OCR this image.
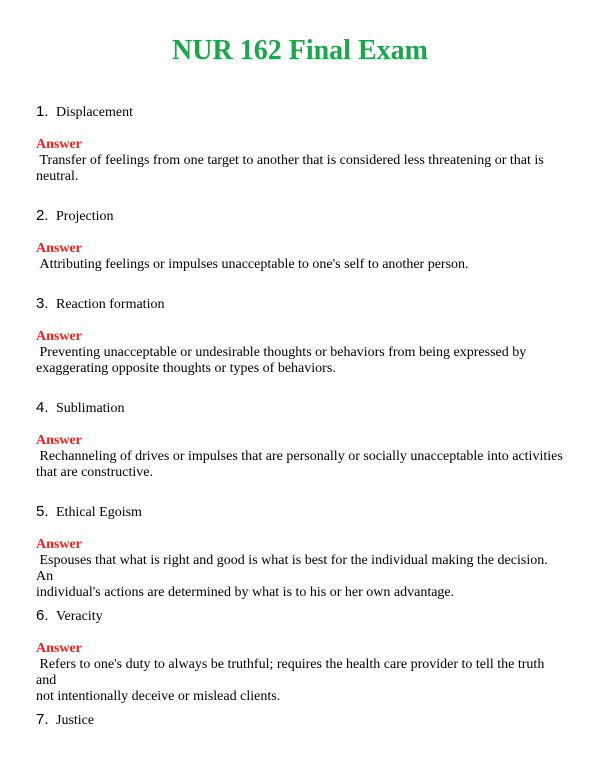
NUR 162 Final Exam
1. Displacement
Answer
Transfer of feelings from one target to another that is considered less threatening or that is
neutral.
2. Projection
Answer
Attributing feelings or impulses unacceptable to one's self to another person.
3. Reaction formation
Answer
Preventing unacceptable or undesirable thoughts or behaviors from being expressed by
exaggerating opposite thoughts or types of behaviors.
4. Sublimation
Answer
Rechanneling of drives or impulses that are personally or socially unacceptable into activities
that are constructive.
5. Ethical Egoism
Answer
Espouses that what is right and good is what is best for the individual making the decision. An
individual's actions are determined by what is to his or her own advantage.
6. Veracity
Answer
Refers to one's duty to always be truthful; requires the health care provider to tell the truth and
not intentionally deceive or mislead clients.
7. Justice
